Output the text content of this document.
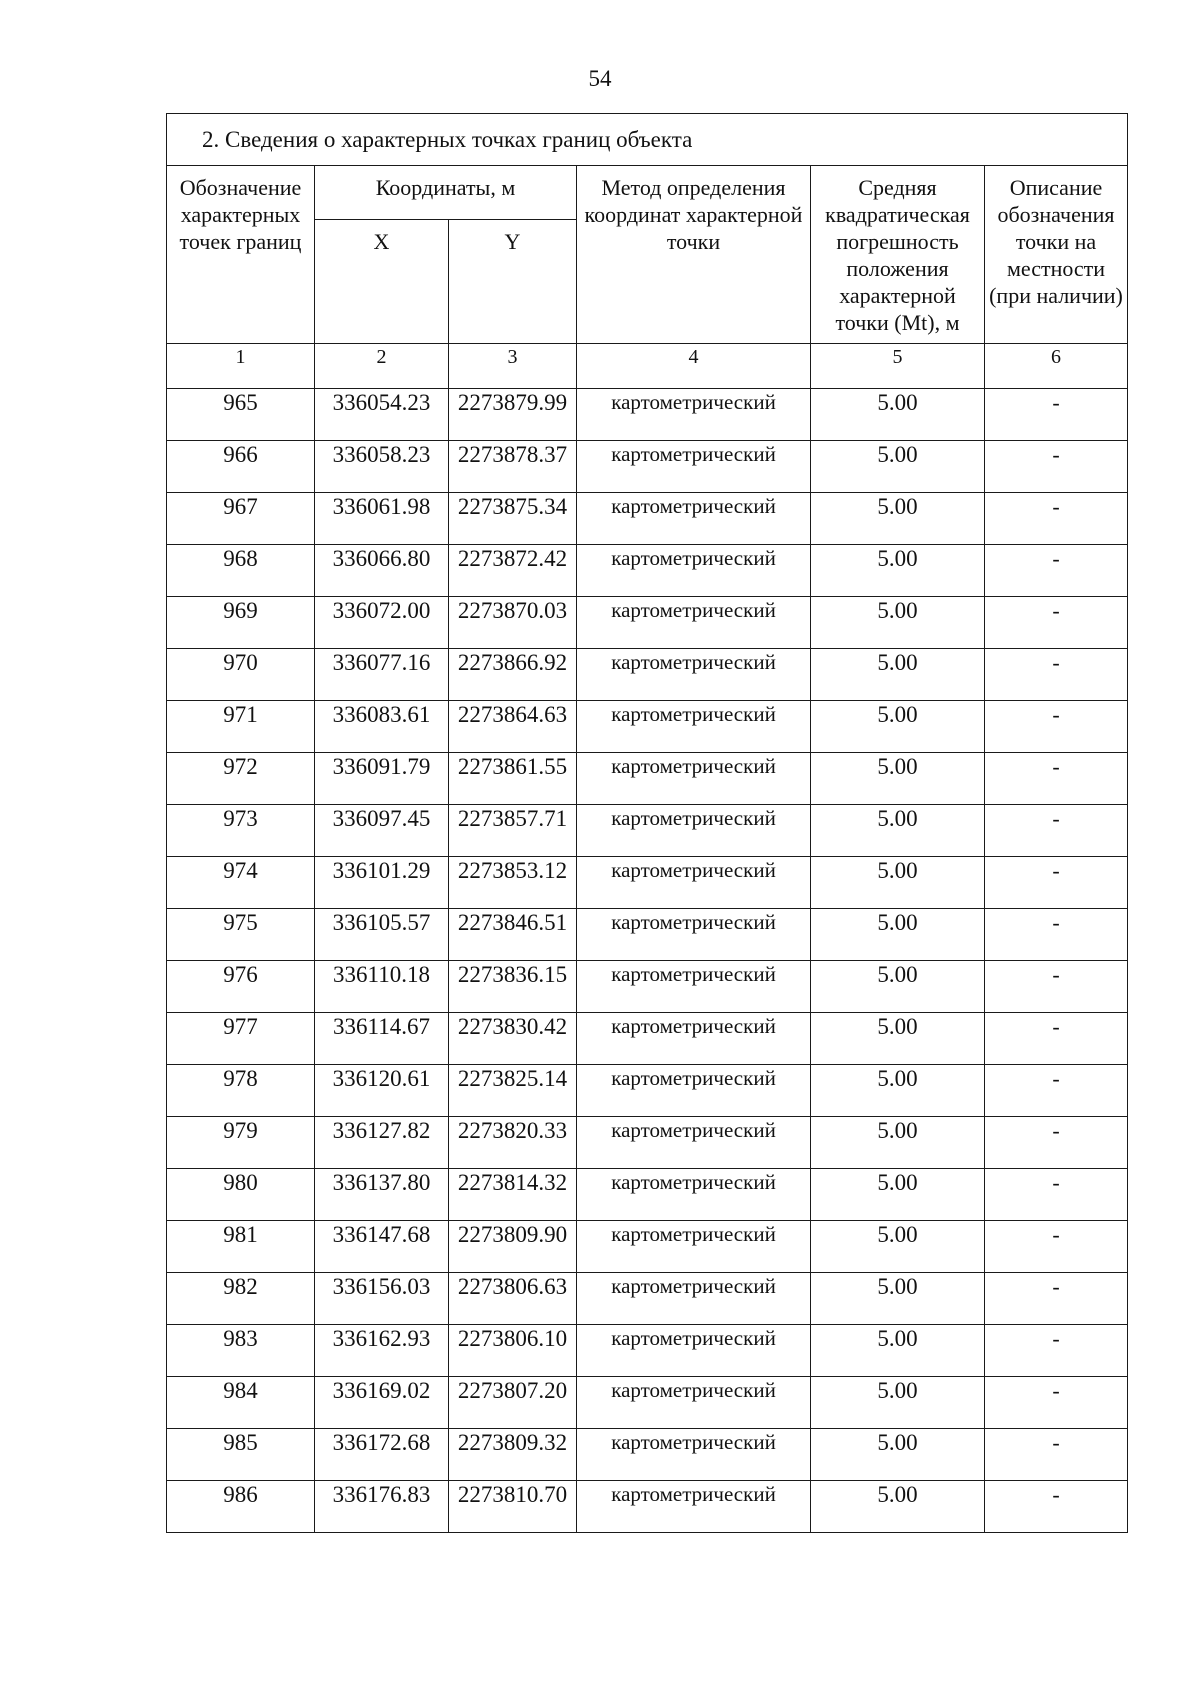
54
2. Сведения о характерных точках границ объекта					
Обозначение характерных точек границ	Координаты, м		Метод определения координат характерной точки	Средняя квадратическая погрешность положения характерной точки (Mt), м	Описание обозначения точки на местности (при наличии)
	X	Y			
1	2	3	4	5	6
965	336054.23	2273879.99	картометрический	5.00	-
966	336058.23	2273878.37	картометрический	5.00	-
967	336061.98	2273875.34	картометрический	5.00	-
968	336066.80	2273872.42	картометрический	5.00	-
969	336072.00	2273870.03	картометрический	5.00	-
970	336077.16	2273866.92	картометрический	5.00	-
971	336083.61	2273864.63	картометрический	5.00	-
972	336091.79	2273861.55	картометрический	5.00	-
973	336097.45	2273857.71	картометрический	5.00	-
974	336101.29	2273853.12	картометрический	5.00	-
975	336105.57	2273846.51	картометрический	5.00	-
976	336110.18	2273836.15	картометрический	5.00	-
977	336114.67	2273830.42	картометрический	5.00	-
978	336120.61	2273825.14	картометрический	5.00	-
979	336127.82	2273820.33	картометрический	5.00	-
980	336137.80	2273814.32	картометрический	5.00	-
981	336147.68	2273809.90	картометрический	5.00	-
982	336156.03	2273806.63	картометрический	5.00	-
983	336162.93	2273806.10	картометрический	5.00	-
984	336169.02	2273807.20	картометрический	5.00	-
985	336172.68	2273809.32	картометрический	5.00	-
986	336176.83	2273810.70	картометрический	5.00	-
